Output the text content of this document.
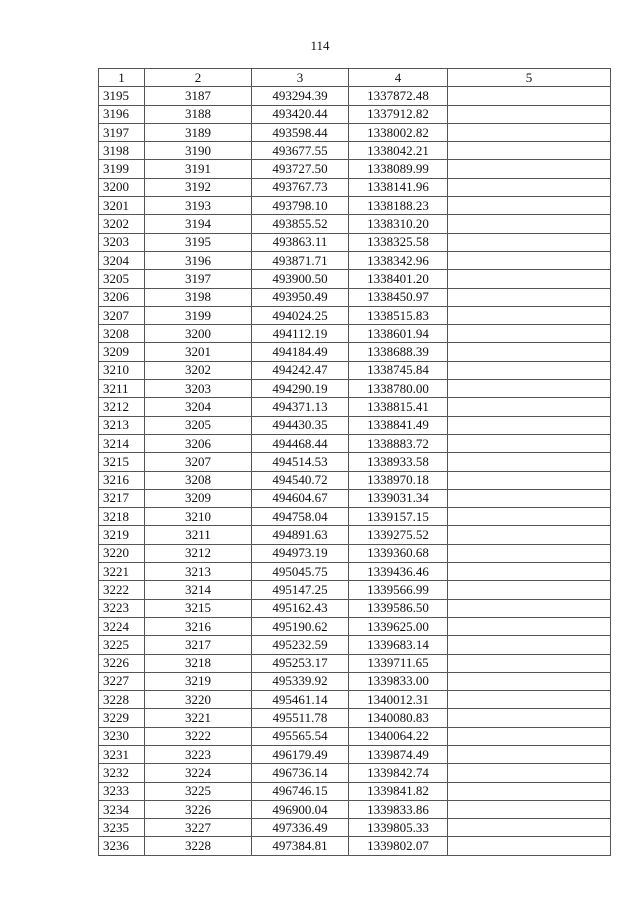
114
1	2	3	4	5
3195	3187	493294.39	1337872.48	
3196	3188	493420.44	1337912.82	
3197	3189	493598.44	1338002.82	
3198	3190	493677.55	1338042.21	
3199	3191	493727.50	1338089.99	
3200	3192	493767.73	1338141.96	
3201	3193	493798.10	1338188.23	
3202	3194	493855.52	1338310.20	
3203	3195	493863.11	1338325.58	
3204	3196	493871.71	1338342.96	
3205	3197	493900.50	1338401.20	
3206	3198	493950.49	1338450.97	
3207	3199	494024.25	1338515.83	
3208	3200	494112.19	1338601.94	
3209	3201	494184.49	1338688.39	
3210	3202	494242.47	1338745.84	
3211	3203	494290.19	1338780.00	
3212	3204	494371.13	1338815.41	
3213	3205	494430.35	1338841.49	
3214	3206	494468.44	1338883.72	
3215	3207	494514.53	1338933.58	
3216	3208	494540.72	1338970.18	
3217	3209	494604.67	1339031.34	
3218	3210	494758.04	1339157.15	
3219	3211	494891.63	1339275.52	
3220	3212	494973.19	1339360.68	
3221	3213	495045.75	1339436.46	
3222	3214	495147.25	1339566.99	
3223	3215	495162.43	1339586.50	
3224	3216	495190.62	1339625.00	
3225	3217	495232.59	1339683.14	
3226	3218	495253.17	1339711.65	
3227	3219	495339.92	1339833.00	
3228	3220	495461.14	1340012.31	
3229	3221	495511.78	1340080.83	
3230	3222	495565.54	1340064.22	
3231	3223	496179.49	1339874.49	
3232	3224	496736.14	1339842.74	
3233	3225	496746.15	1339841.82	
3234	3226	496900.04	1339833.86	
3235	3227	497336.49	1339805.33	
3236	3228	497384.81	1339802.07	
